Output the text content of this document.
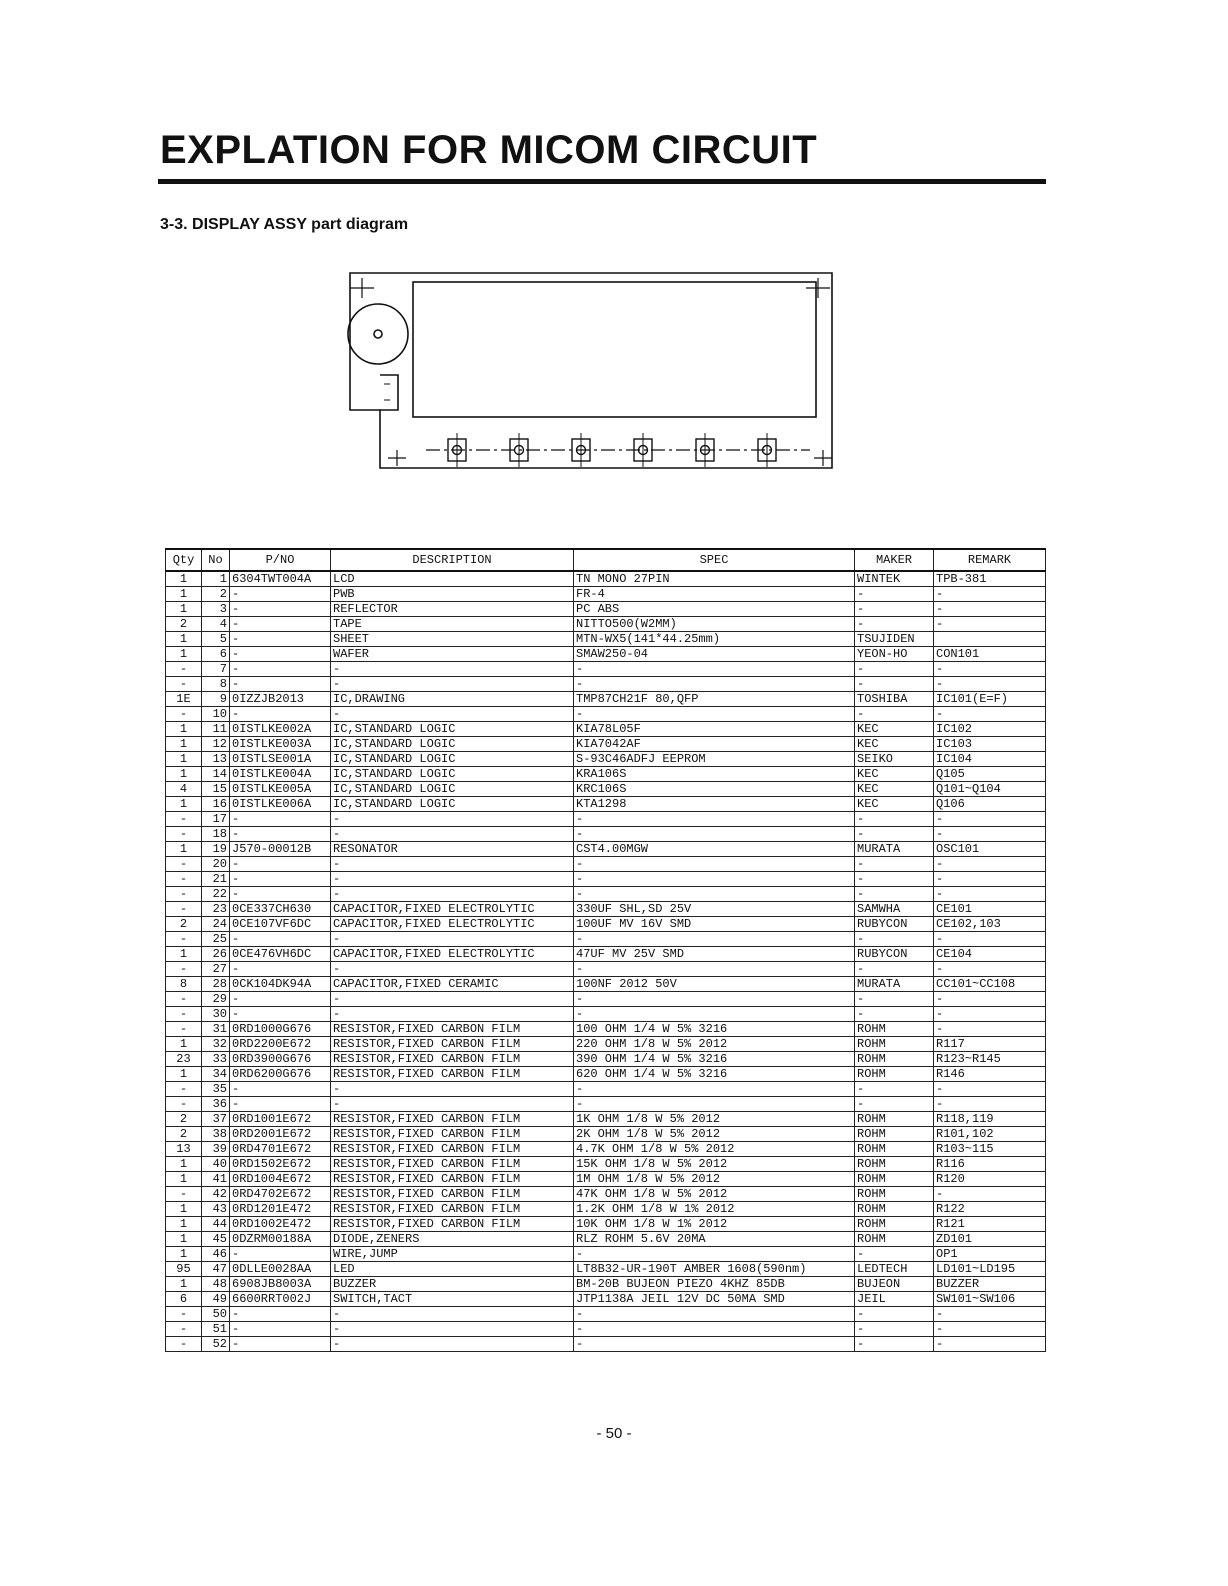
EXPLATION FOR MICOM CIRCUIT
3-3. DISPLAY ASSY part diagram
Qty	No	P/NO	DESCRIPTION	SPEC	MAKER	REMARK
1	1	6304TWT004A	LCD	TN MONO 27PIN	WINTEK	TPB-381
1	2	-	PWB	FR-4	-	-
1	3	-	REFLECTOR	PC ABS	-	-
2	4	-	TAPE	NITTO500(W2MM)	-	-
1	5	-	SHEET	MTN-WX5(141*44.25mm)	TSUJIDEN	
1	6	-	WAFER	SMAW250-04	YEON-HO	CON101
-	7	-	-	-	-	-
-	8	-	-	-	-	-
1E	9	0IZZJB2013	IC,DRAWING	TMP87CH21F 80,QFP	TOSHIBA	IC101(E=F)
-	10	-	-	-	-	-
1	11	0ISTLKE002A	IC,STANDARD LOGIC	KIA78L05F	KEC	IC102
1	12	0ISTLKE003A	IC,STANDARD LOGIC	KIA7042AF	KEC	IC103
1	13	0ISTLSE001A	IC,STANDARD LOGIC	S-93C46ADFJ EEPROM	SEIKO	IC104
1	14	0ISTLKE004A	IC,STANDARD LOGIC	KRA106S	KEC	Q105
4	15	0ISTLKE005A	IC,STANDARD LOGIC	KRC106S	KEC	Q101~Q104
1	16	0ISTLKE006A	IC,STANDARD LOGIC	KTA1298	KEC	Q106
-	17	-	-	-	-	-
-	18	-	-	-	-	-
1	19	J570-00012B	RESONATOR	CST4.00MGW	MURATA	OSC101
-	20	-	-	-	-	-
-	21	-	-	-	-	-
-	22	-	-	-	-	-
-	23	0CE337CH630	CAPACITOR,FIXED ELECTROLYTIC	330UF SHL,SD 25V	SAMWHA	CE101
2	24	0CE107VF6DC	CAPACITOR,FIXED ELECTROLYTIC	100UF MV 16V SMD	RUBYCON	CE102,103
-	25	-	-	-	-	-
1	26	0CE476VH6DC	CAPACITOR,FIXED ELECTROLYTIC	47UF MV 25V SMD	RUBYCON	CE104
-	27	-	-	-	-	-
8	28	0CK104DK94A	CAPACITOR,FIXED CERAMIC	100NF 2012 50V	MURATA	CC101~CC108
-	29	-	-	-	-	-
-	30	-	-	-	-	-
-	31	0RD1000G676	RESISTOR,FIXED CARBON FILM	100 OHM 1/4 W 5% 3216	ROHM	-
1	32	0RD2200E672	RESISTOR,FIXED CARBON FILM	220 OHM 1/8 W 5% 2012	ROHM	R117
23	33	0RD3900G676	RESISTOR,FIXED CARBON FILM	390 OHM 1/4 W 5% 3216	ROHM	R123~R145
1	34	0RD6200G676	RESISTOR,FIXED CARBON FILM	620 OHM 1/4 W 5% 3216	ROHM	R146
-	35	-	-	-	-	-
-	36	-	-	-	-	-
2	37	0RD1001E672	RESISTOR,FIXED CARBON FILM	1K OHM 1/8 W 5% 2012	ROHM	R118,119
2	38	0RD2001E672	RESISTOR,FIXED CARBON FILM	2K OHM 1/8 W 5% 2012	ROHM	R101,102
13	39	0RD4701E672	RESISTOR,FIXED CARBON FILM	4.7K OHM 1/8 W 5% 2012	ROHM	R103~115
1	40	0RD1502E672	RESISTOR,FIXED CARBON FILM	15K OHM 1/8 W 5% 2012	ROHM	R116
1	41	0RD1004E672	RESISTOR,FIXED CARBON FILM	1M OHM 1/8 W 5% 2012	ROHM	R120
-	42	0RD4702E672	RESISTOR,FIXED CARBON FILM	47K OHM 1/8 W 5% 2012	ROHM	-
1	43	0RD1201E472	RESISTOR,FIXED CARBON FILM	1.2K OHM 1/8 W 1% 2012	ROHM	R122
1	44	0RD1002E472	RESISTOR,FIXED CARBON FILM	10K OHM 1/8 W 1% 2012	ROHM	R121
1	45	0DZRM00188A	DIODE,ZENERS	RLZ ROHM 5.6V 20MA	ROHM	ZD101
1	46	-	WIRE,JUMP	-	-	OP1
95	47	0DLLE0028AA	LED	LT8B32-UR-190T AMBER 1608(590nm)	LEDTECH	LD101~LD195
1	48	6908JB8003A	BUZZER	BM-20B BUJEON PIEZO 4KHZ 85DB	BUJEON	BUZZER
6	49	6600RRT002J	SWITCH,TACT	JTP1138A JEIL 12V DC 50MA SMD	JEIL	SW101~SW106
-	50	-	-	-	-	-
-	51	-	-	-	-	-
-	52	-	-	-	-	-
- 50 -
